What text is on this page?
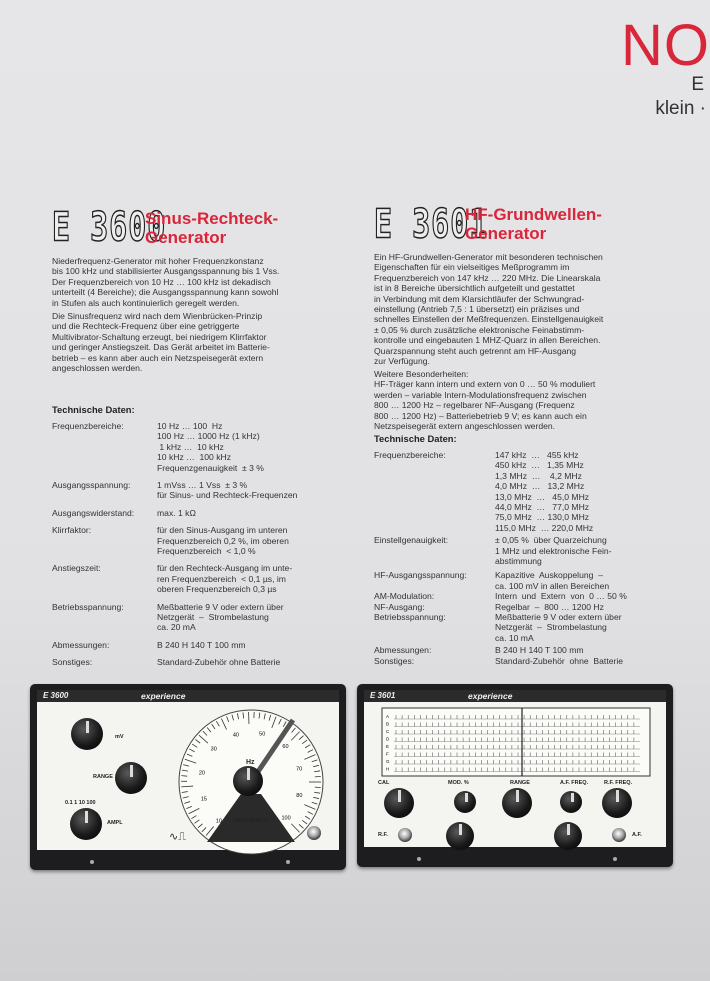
NO
E
klein ·
E 3600
Sinus-Rechteck-
Generator
Niederfrequenz-Generator mit hoher Frequenzkonstanz
bis 100 kHz und stabilisierter Ausgangsspannung bis 1 Vss.
Der Frequenzbereich von 10 Hz … 100 kHz ist dekadisch
unterteilt (4 Bereiche); die Ausgangsspannung kann sowohl
in Stufen als auch kontinuierlich geregelt werden.
Die Sinusfrequenz wird nach dem Wienbrücken-Prinzip
und die Rechteck-Frequenz über eine getriggerte
Multivibrator-Schaltung erzeugt, bei niedrigem Klirrfaktor
und geringer Anstiegszeit. Das Gerät arbeitet im Batterie-
betrieb – es kann aber auch ein Netzspeisegerät extern
angeschlossen werden.
Technische Daten:
Frequenzbereiche:	10 Hz … 100  Hz
100 Hz … 1000 Hz (1 kHz)
1 kHz …  10 kHz
10 kHz …  100 kHz
Frequenzgenauigkeit  ± 3 %
Ausgangsspannung:	1 mVss … 1 Vss  ± 3 %
für Sinus- und Rechteck-Frequenzen
Ausgangswiderstand:	max. 1 kΩ
Klirrfaktor:	für den Sinus-Ausgang im unteren
Frequenzbereich 0,2 %, im oberen
Frequenzbereich  < 1,0 %
Anstiegszeit:	für den Rechteck-Ausgang im unte-
ren Frequenzbereich  < 0,1 µs, im
oberen Frequenzbereich 0,3 µs
Betriebsspannung:	Meßbatterie 9 V oder extern über
Netzgerät  –  Strombelastung
ca. 20 mA
Abmessungen:	B 240 H 140 T 100 mm
Sonstiges:	Standard-Zubehör ohne Batterie
E 3601
HF-Grundwellen-
Generator
Ein HF-Grundwellen-Generator mit besonderen technischen
Eigenschaften für ein vielseitiges Meßprogramm im
Frequenzbereich von 147 kHz … 220 MHz. Die Linearskala
ist in 8 Bereiche übersichtlich aufgeteilt und gestattet
in Verbindung mit dem Klarsichtläufer der Schwungrad-
einstellung (Antrieb 7,5 : 1 übersetzt) ein präzises und
schnelles Einstellen der Meßfrequenzen. Einstellgenauigkeit
± 0,05 % durch zusätzliche elektronische Feinabstimm-
kontrolle und eingebauten 1 MHZ-Quarz in allen Bereichen.
Quarzspannung steht auch getrennt am HF-Ausgang
zur Verfügung.
Weitere Besonderheiten:
HF-Träger kann intern und extern von 0 … 50 % moduliert
werden – variable Intern-Modulationsfrequenz zwischen
800 … 1200 Hz – regelbarer NF-Ausgang (Frequenz
800 … 1200 Hz) – Batteriebetrieb 9 V; es kann auch ein
Netzspeisegerät extern angeschlossen werden.
Technische Daten:
Frequenzbereiche:	147 kHz  …   455 kHz
450 kHz  …   1,35 MHz
1,3 MHz  …    4,2 MHz
4,0 MHz  …   13,2 MHz
13,0 MHz  …   45,0 MHz
44,0 MHz  …   77,0 MHz
75,0 MHz  … 130,0 MHz
115,0 MHz  … 220,0 MHz
Einstellgenauigkeit:	± 0,05 %  über Quarzeichung
1 MHz und elektronische Fein-
abstimmung
HF-Ausgangsspannung:	Kapazitive  Auskoppelung  –
ca. 100 mV in allen Bereichen
AM-Modulation:	Intern  und  Extern  von  0 … 50 %
NF-Ausgang:	Regelbar  –  800 … 1200 Hz
Betriebsspannung:	Meßbatterie 9 V oder extern über
Netzgerät  –  Strombelastung
ca. 10 mA
Abmessungen:	B 240 H 140 T 100 mm
Sonstiges:	Standard-Zubehör  ohne  Batterie
E 3600	experience
mV
RANGE
0.1 1 10 100
AMPL	10
15
20
30
40	50
60
70
80
100
Hz
FREQUENCY
∿⎍
E 3601	experience
A
B
C
D
E
F
G
H
CAL	MOD. %	RANGE	A.F. FREQ.	R.F. FREQ.
R.F.	A.F.
